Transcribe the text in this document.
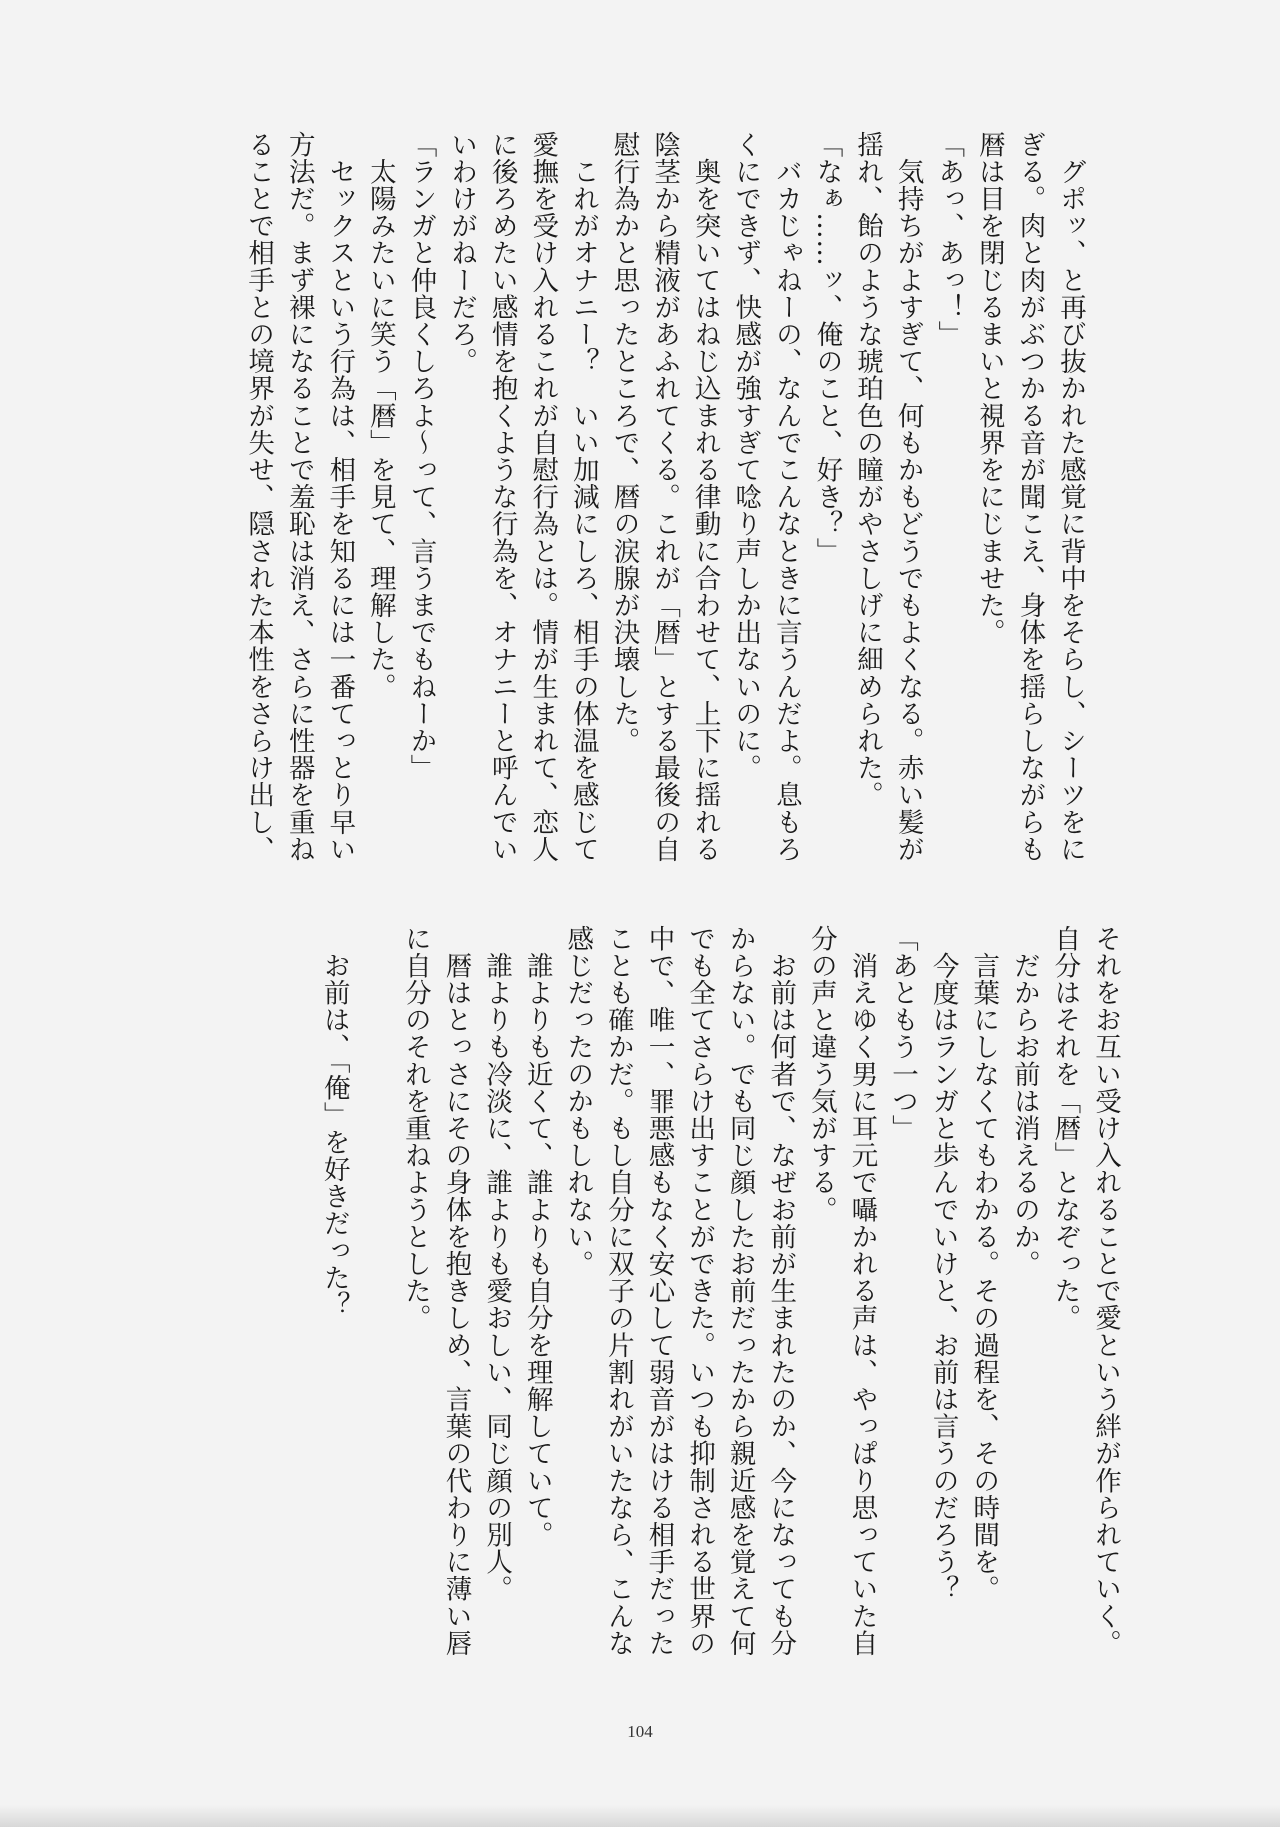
　グポッ、と再び抜かれた感覚に背中をそらし、シーツをに
ぎる。肉と肉がぶつかる音が聞こえ、身体を揺らしながらも
暦は目を閉じるまいと視界をにじませた。
「あっ、あっ！」
　気持ちがよすぎて、何もかもどうでもよくなる。赤い髪が
揺れ、飴のような琥珀色の瞳がやさしげに細められた。
「なぁ……ッ、俺のこと、好き？」
　バカじゃねーの、なんでこんなときに言うんだよ。息もろ
くにできず、快感が強すぎて唸り声しか出ないのに。
　奥を突いてはねじ込まれる律動に合わせて、上下に揺れる
陰茎から精液があふれてくる。これが「暦」とする最後の自
慰行為かと思ったところで、暦の涙腺が決壊した。
　これがオナニー？　いい加減にしろ、相手の体温を感じて
愛撫を受け入れるこれが自慰行為とは。情が生まれて、恋人
に後ろめたい感情を抱くような行為を、オナニーと呼んでい
いわけがねーだろ。
「ランガと仲良くしろよ〜って、言うまでもねーか」
　太陽みたいに笑う「暦」を見て、理解した。
　セックスという行為は、相手を知るには一番てっとり早い
方法だ。まず裸になることで羞恥は消え、さらに性器を重ね
ることで相手との境界が失せ、隠された本性をさらけ出し、
それをお互い受け入れることで愛という絆が作られていく。
自分はそれを「暦」となぞった。
　だからお前は消えるのか。
　言葉にしなくてもわかる。その過程を、その時間を。
　今度はランガと歩んでいけと、お前は言うのだろう？
「あともう一つ」
　消えゆく男に耳元で囁かれる声は、やっぱり思っていた自
分の声と違う気がする。
　お前は何者で、なぜお前が生まれたのか、今になっても分
からない。でも同じ顔したお前だったから親近感を覚えて何
でも全てさらけ出すことができた。いつも抑制される世界の
中で、唯一、罪悪感もなく安心して弱音がはける相手だった
ことも確かだ。もし自分に双子の片割れがいたなら、こんな
感じだったのかもしれない。
　誰よりも近くて、誰よりも自分を理解していて。
　誰よりも冷淡に、誰よりも愛おしい、同じ顔の別人。
　暦はとっさにその身体を抱きしめ、言葉の代わりに薄い唇
に自分のそれを重ねようとした。

　お前は、「俺」を好きだった？
104
